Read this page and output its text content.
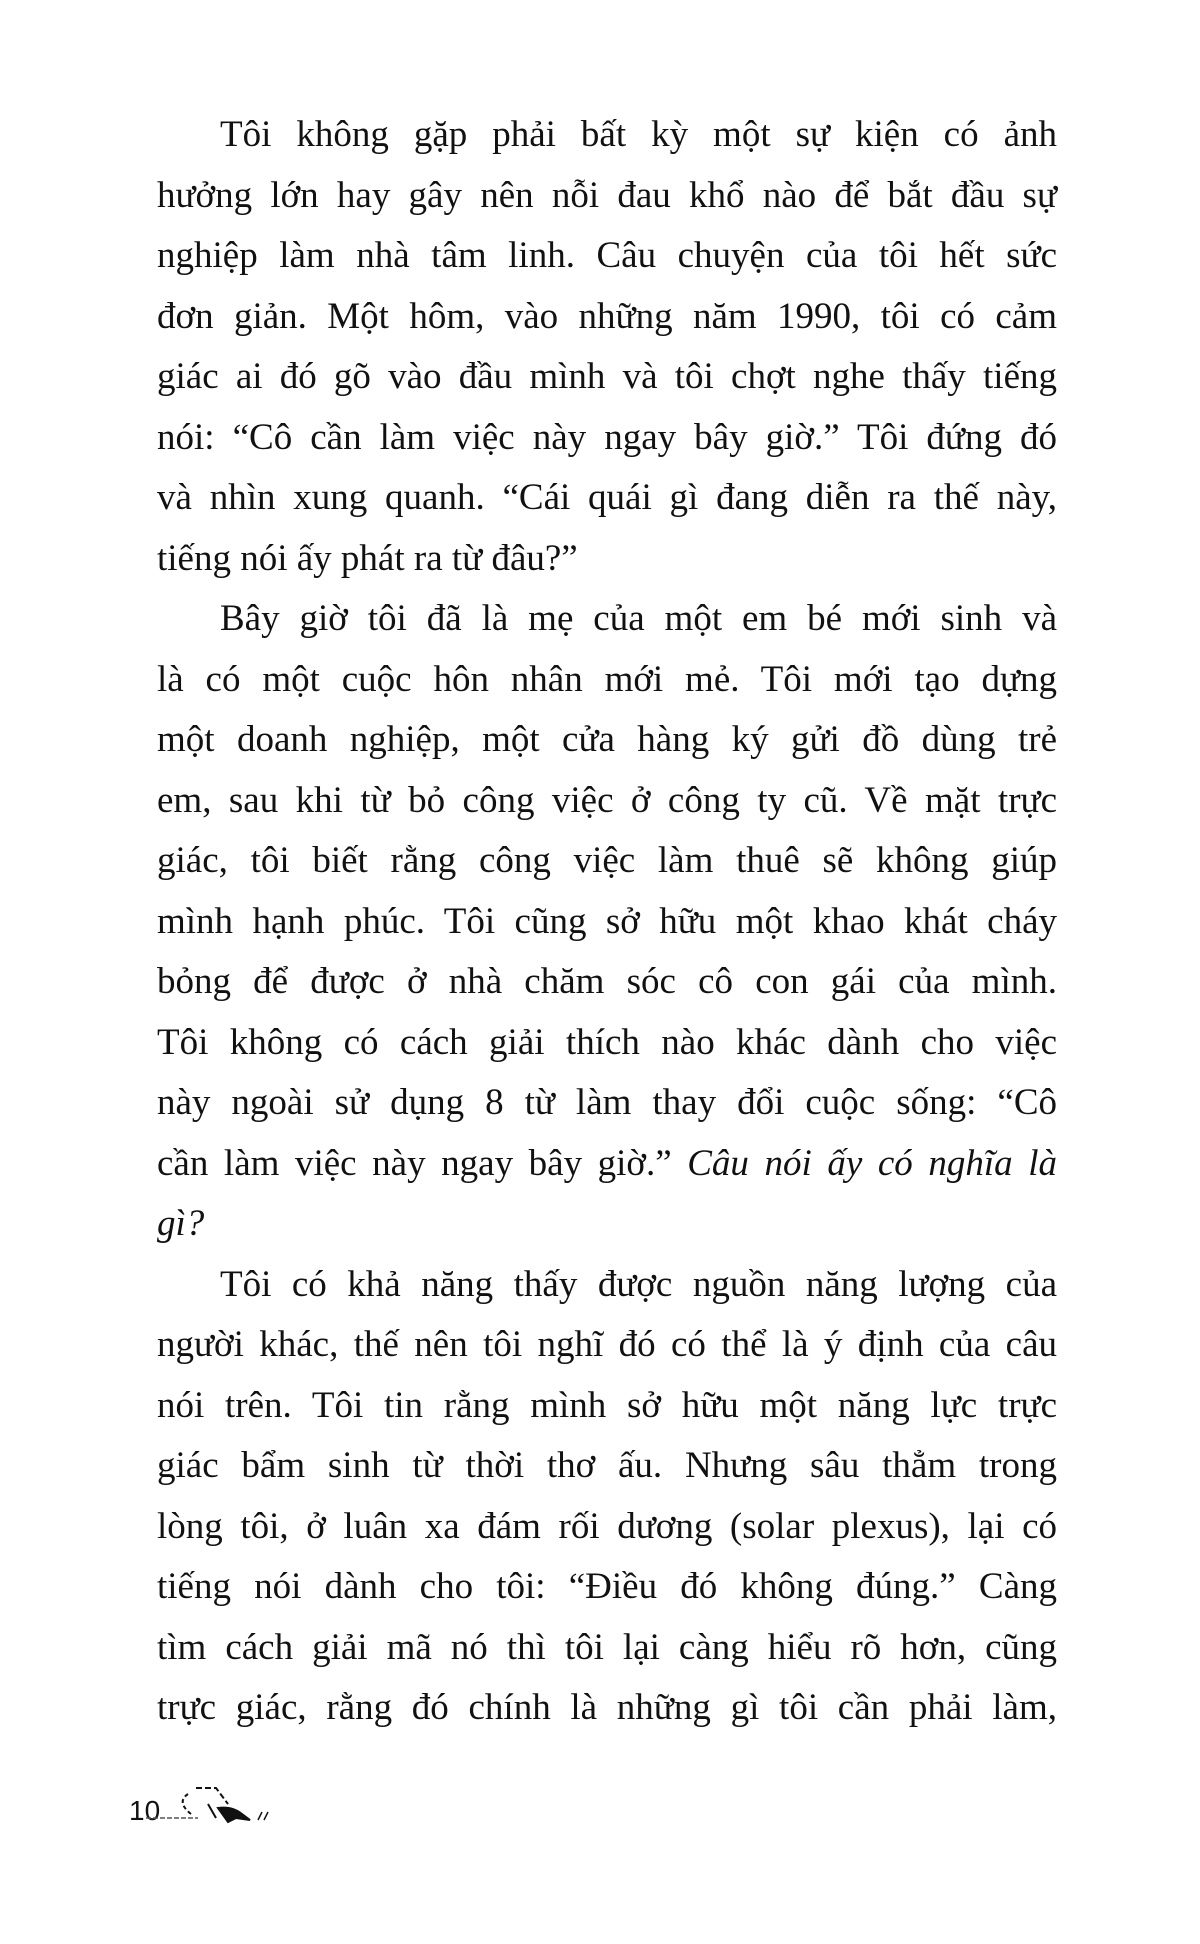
Tôi không gặp phải bất kỳ một sự kiện có ảnh
hưởng lớn hay gây nên nỗi đau khổ nào để bắt đầu sự
nghiệp làm nhà tâm linh. Câu chuyện của tôi hết sức
đơn giản. Một hôm, vào những năm 1990, tôi có cảm
giác ai đó gõ vào đầu mình và tôi chợt nghe thấy tiếng
nói: “Cô cần làm việc này ngay bây giờ.” Tôi đứng đó
và nhìn xung quanh. “Cái quái gì đang diễn ra thế này,
tiếng nói ấy phát ra từ đâu?”
Bây giờ tôi đã là mẹ của một em bé mới sinh và
là có một cuộc hôn nhân mới mẻ. Tôi mới tạo dựng
một doanh nghiệp, một cửa hàng ký gửi đồ dùng trẻ
em, sau khi từ bỏ công việc ở công ty cũ. Về mặt trực
giác, tôi biết rằng công việc làm thuê sẽ không giúp
mình hạnh phúc. Tôi cũng sở hữu một khao khát cháy
bỏng để được ở nhà chăm sóc cô con gái của mình.
Tôi không có cách giải thích nào khác dành cho việc
này ngoài sử dụng 8 từ làm thay đổi cuộc sống: “Cô
cần làm việc này ngay bây giờ.” Câu nói ấy có nghĩa là
gì?
Tôi có khả năng thấy được nguồn năng lượng của
người khác, thế nên tôi nghĩ đó có thể là ý định của câu
nói trên. Tôi tin rằng mình sở hữu một năng lực trực
giác bẩm sinh từ thời thơ ấu. Nhưng sâu thẳm trong
lòng tôi, ở luân xa đám rối dương (solar plexus), lại có
tiếng nói dành cho tôi: “Điều đó không đúng.” Càng
tìm cách giải mã nó thì tôi lại càng hiểu rõ hơn, cũng
trực giác, rằng đó chính là những gì tôi cần phải làm,
10
